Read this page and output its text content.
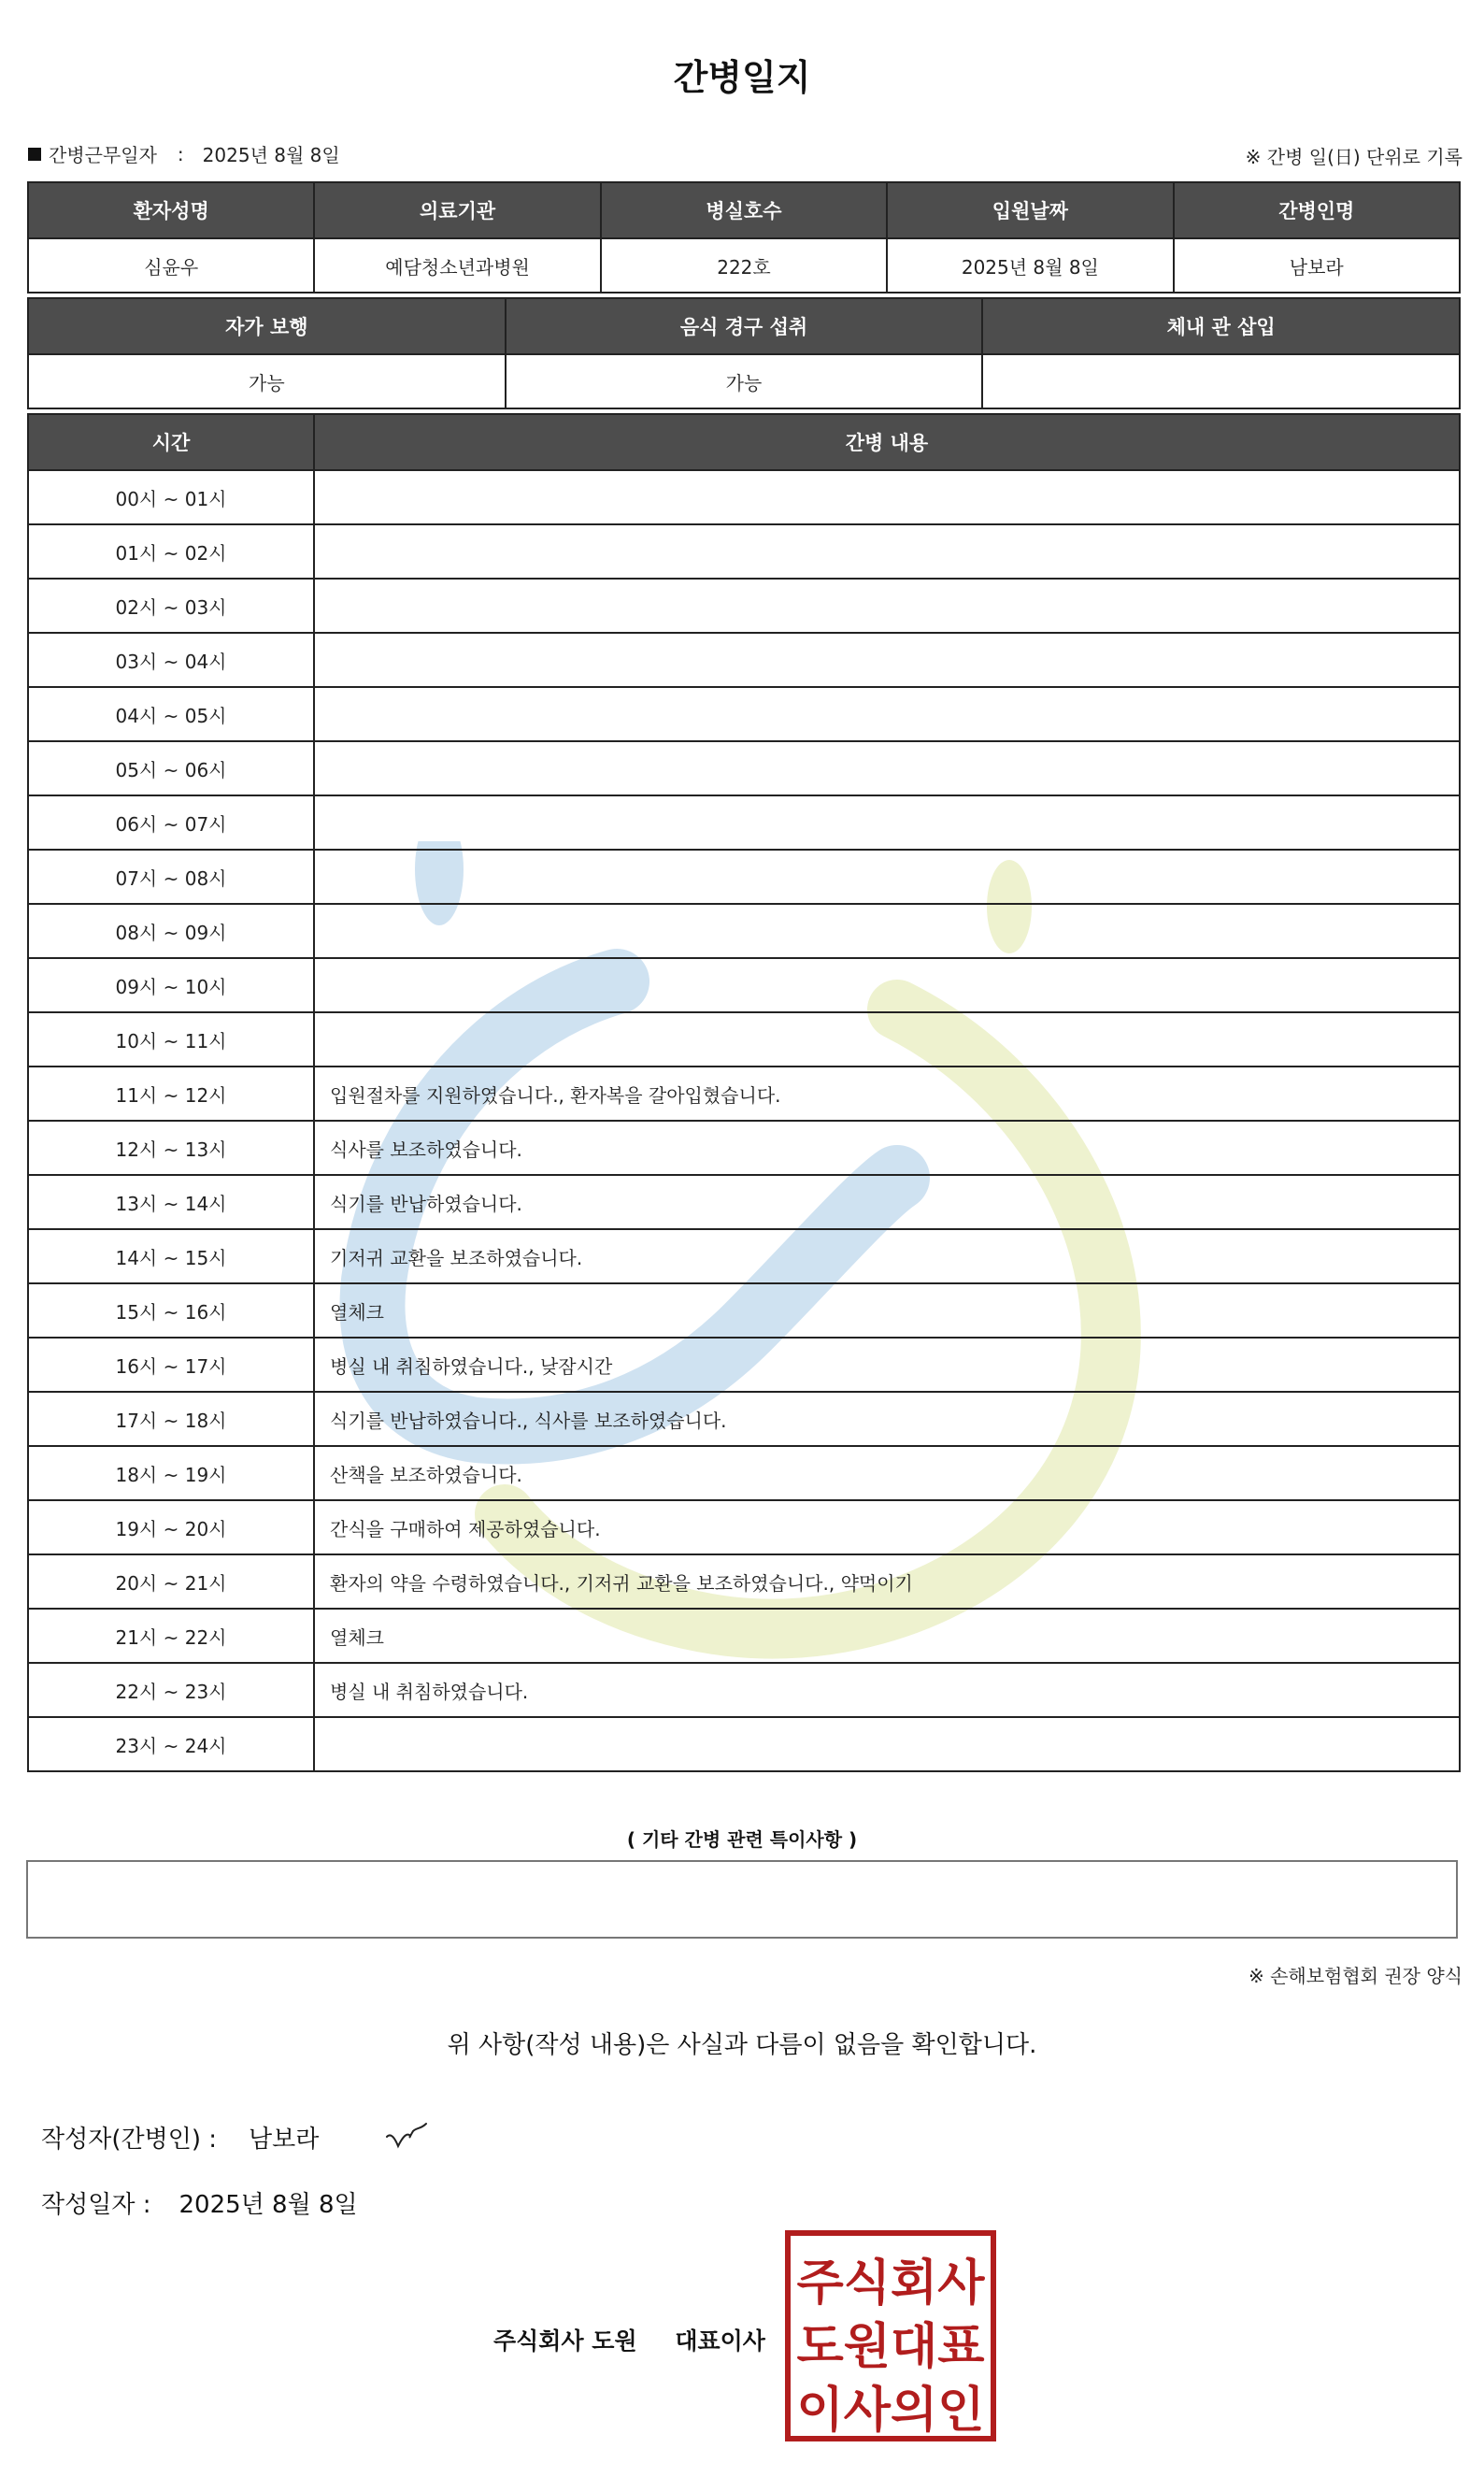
간병일지
간병근무일자 : 2025년 8월 8일	※ 간병 일(日) 단위로 기록
환자성명	의료기관	병실호수	입원날짜	간병인명
심윤우	예담청소년과병원	222호	2025년 8월 8일	남보라
자가 보행	음식 경구 섭취	체내 관 삽입
가능	가능	
시간	간병 내용
00시 ~ 01시	
01시 ~ 02시	
02시 ~ 03시	
03시 ~ 04시	
04시 ~ 05시	
05시 ~ 06시	
06시 ~ 07시	
07시 ~ 08시	
08시 ~ 09시	
09시 ~ 10시	
10시 ~ 11시	
11시 ~ 12시	입원절차를 지원하였습니다., 환자복을 갈아입혔습니다.
12시 ~ 13시	식사를 보조하였습니다.
13시 ~ 14시	식기를 반납하였습니다.
14시 ~ 15시	기저귀 교환을 보조하였습니다.
15시 ~ 16시	열체크
16시 ~ 17시	병실 내 취침하였습니다., 낮잠시간
17시 ~ 18시	식기를 반납하였습니다., 식사를 보조하였습니다.
18시 ~ 19시	산책을 보조하였습니다.
19시 ~ 20시	간식을 구매하여 제공하였습니다.
20시 ~ 21시	환자의 약을 수령하였습니다., 기저귀 교환을 보조하였습니다., 약먹이기
21시 ~ 22시	열체크
22시 ~ 23시	병실 내 취침하였습니다.
23시 ~ 24시	
( 기타 간병 관련 특이사항 )
※ 손해보험협회 권장 양식
위 사항(작성 내용)은 사실과 다름이 없음을 확인합니다.
작성자(간병인) : 남보라
작성일자 : 2025년 8월 8일
주식회사 도원 대표이사
주식회사
도원대표
이사의인
